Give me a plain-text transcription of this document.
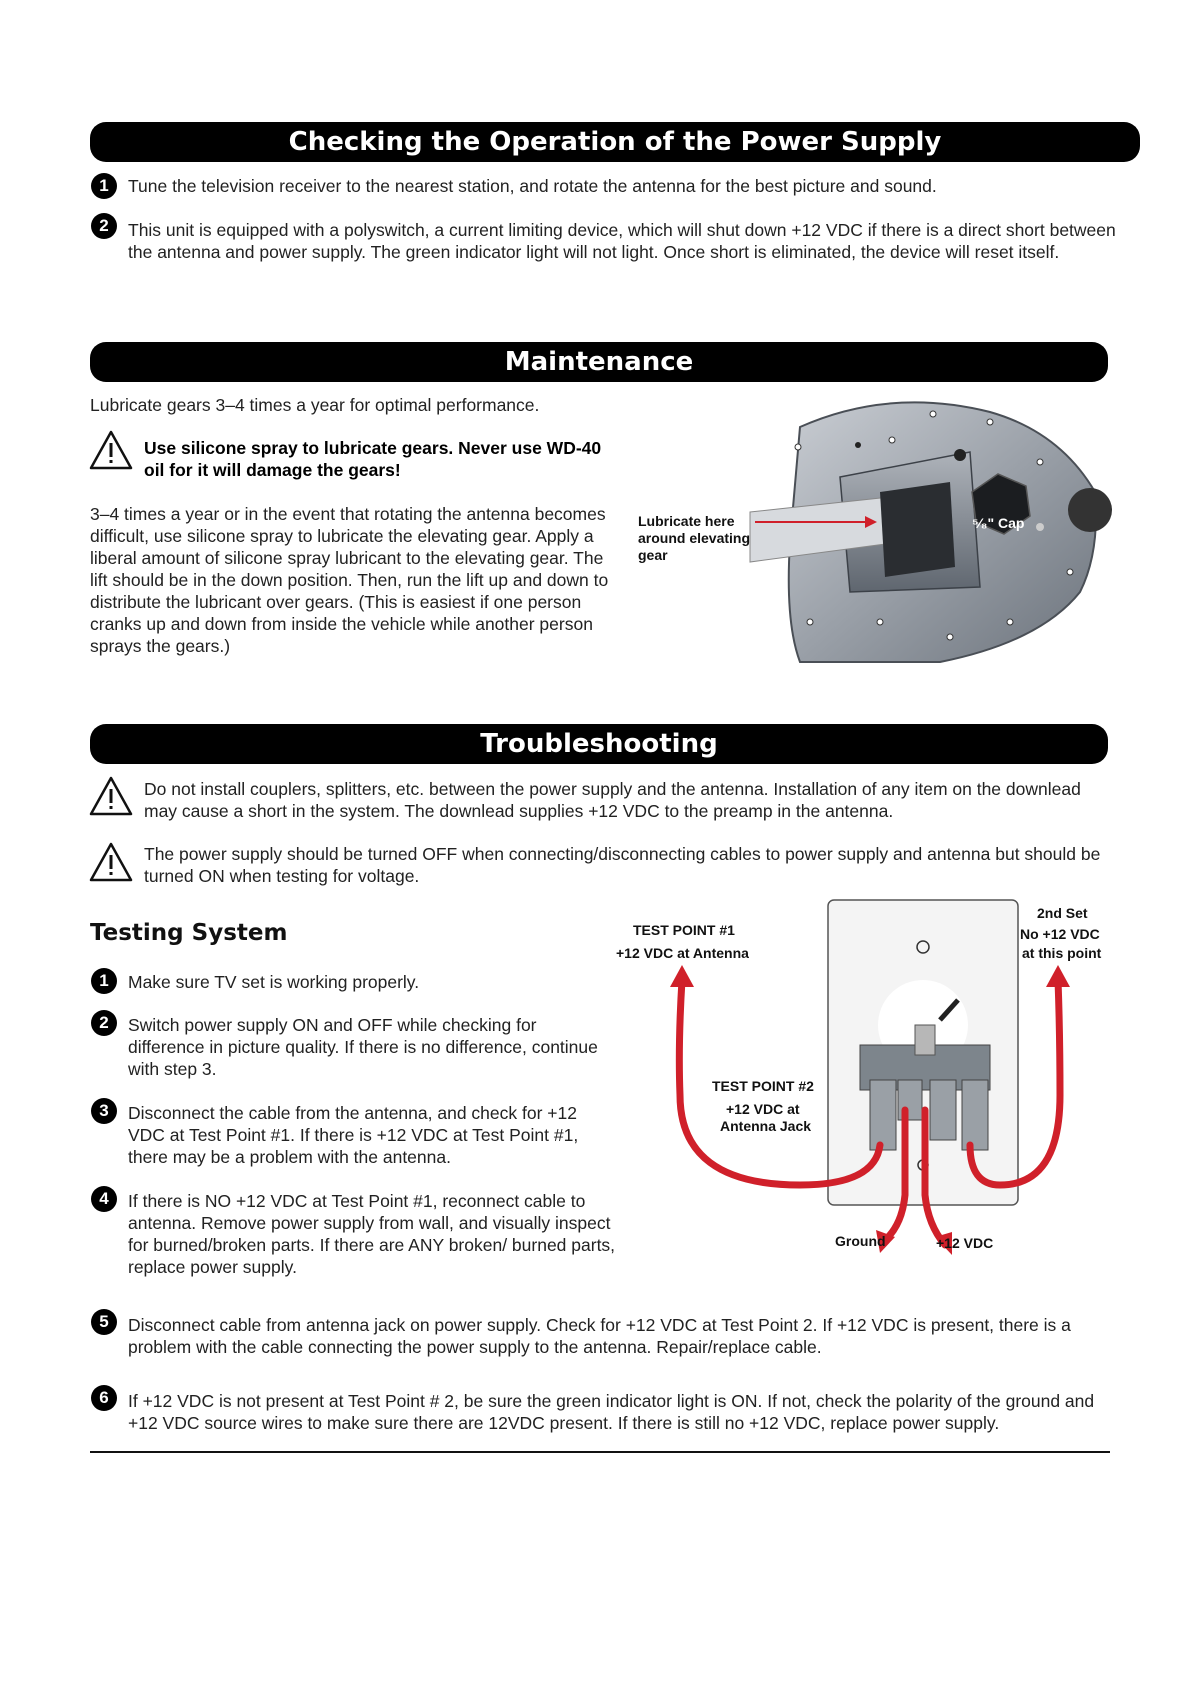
Checking the Operation of the Power Supply
1	Tune the television receiver to the nearest station, and rotate the antenna for the best picture and sound.
2	This unit is equipped with a polyswitch, a current limiting device, which will shut down +12 VDC if there is a direct short between the antenna and power supply. The green indicator light will not light. Once short is eliminated, the device will reset itself.
Maintenance
Lubricate gears 3–4 times a year for optimal performance.
Use silicone spray to lubricate gears. Never use WD-40 oil for it will damage the gears!
3–4 times a year or in the event that rotating the antenna becomes difficult, use silicone spray to lubricate the elevating gear. Apply a liberal amount of silicone spray lubricant to the elevating gear. The lift should be in the down position. Then, run the lift up and down to distribute the lubricant over gears. (This is easiest if one person cranks up and down from inside the vehicle while another person sprays the gears.)
Lubricate here around elevating gear
⁵⁄₈" Cap
Troubleshooting
Do not install couplers, splitters, etc. between the power supply and the antenna. Installation of any item on the downlead may cause a short in the system. The downlead supplies +12 VDC to the preamp in the antenna.
The power supply should be turned OFF when connecting/disconnecting cables to power supply and antenna but should be turned ON when testing for voltage.
Testing System
1	Make sure TV set is working properly.
2	Switch power supply ON and OFF while checking for difference in picture quality. If there is no difference, continue with step 3.
3	Disconnect the cable from the antenna, and check for +12 VDC at Test Point #1. If there is +12 VDC at Test Point #1, there may be a problem with the antenna.
4	If there is NO +12 VDC at Test Point #1, reconnect cable to antenna. Remove power supply from wall, and visually inspect for burned/broken parts. If there are ANY broken/ burned parts, replace power supply.
5	Disconnect cable from antenna jack on power supply. Check for +12 VDC at Test Point 2. If +12 VDC is present, there is a problem with the cable connecting the power supply to the antenna. Repair/replace cable.
6	If +12 VDC is not present at Test Point # 2, be sure the green indicator light is ON. If not, check the polarity of the ground and +12 VDC source wires to make sure there are 12VDC present. If there is still no +12 VDC, replace power supply.
TEST POINT #1
+12 VDC at Antenna
TEST POINT #2
+12 VDC at
Antenna Jack
2nd Set
No +12 VDC
at this point
Ground	+12 VDC
